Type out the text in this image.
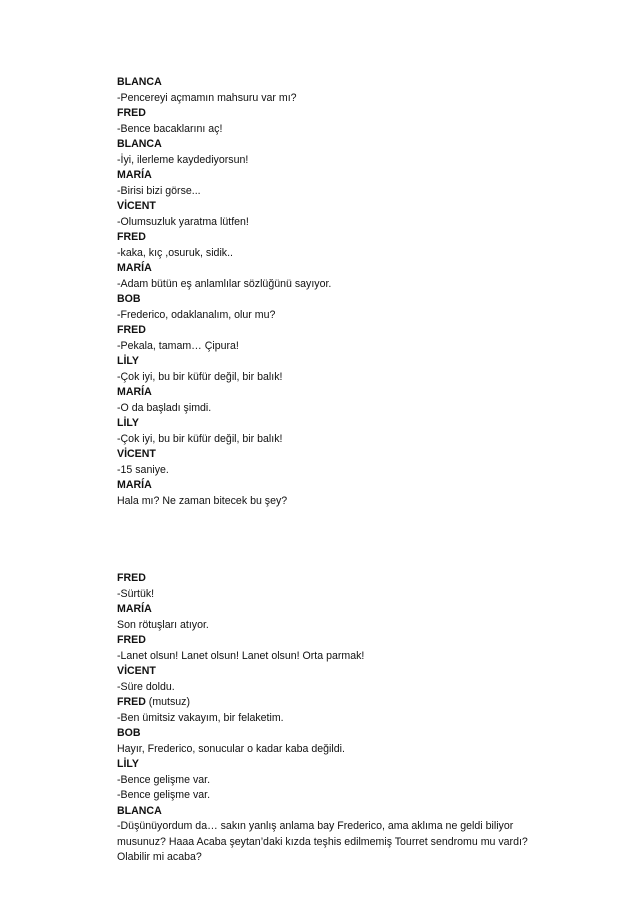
BLANCA
-Pencereyi açmamın mahsuru var mı?
FRED
-Bence bacaklarını aç!
BLANCA
-İyi, ilerleme kaydediyorsun!
MARÍA
-Birisi bizi görse...
VİCENT
-Olumsuzluk yaratma lütfen!
FRED
-kaka, kıç ,osuruk, sidik..
MARÍA
-Adam bütün eş anlamlılar sözlüğünü sayıyor.
BOB
-Frederico, odaklanalım, olur mu?
FRED
-Pekala, tamam… Çipura!
LİLY
-Çok iyi, bu bir küfür değil, bir balık!
MARÍA
-O da başladı şimdi.
LİLY
-Çok iyi, bu bir küfür değil, bir balık!
VİCENT
-15 saniye.
MARÍA
Hala mı? Ne zaman bitecek bu şey?
FRED
-Sürtük!
MARÍA
Son rötuşları atıyor.
FRED
-Lanet olsun! Lanet olsun! Lanet olsun! Orta parmak!
VİCENT
-Süre doldu.
FRED (mutsuz)
-Ben ümitsiz vakayım, bir felaketim.
BOB
Hayır, Frederico, sonucular o kadar kaba değildi.
LİLY
-Bence gelişme var.
-Bence gelişme var.
BLANCA
-Düşünüyordum da… sakın yanlış anlama bay Frederico, ama aklıma ne geldi biliyor musunuz? Haaa Acaba şeytan’daki kızda teşhis edilmemiş Tourret sendromu mu vardı? Olabilir mi acaba?
